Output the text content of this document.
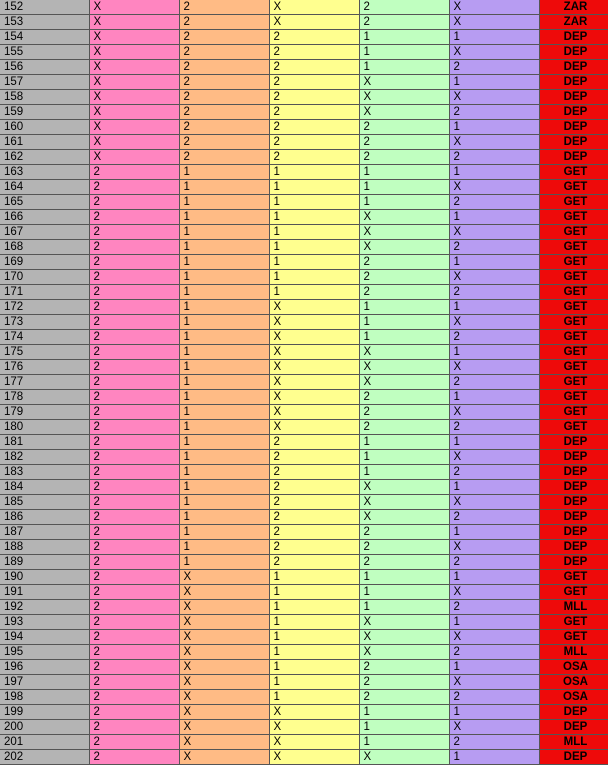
152	X	2	X	2	X	ZAR
153	X	2	X	2	X	ZAR
154	X	2	2	1	1	DEP
155	X	2	2	1	X	DEP
156	X	2	2	1	2	DEP
157	X	2	2	X	1	DEP
158	X	2	2	X	X	DEP
159	X	2	2	X	2	DEP
160	X	2	2	2	1	DEP
161	X	2	2	2	X	DEP
162	X	2	2	2	2	DEP
163	2	1	1	1	1	GET
164	2	1	1	1	X	GET
165	2	1	1	1	2	GET
166	2	1	1	X	1	GET
167	2	1	1	X	X	GET
168	2	1	1	X	2	GET
169	2	1	1	2	1	GET
170	2	1	1	2	X	GET
171	2	1	1	2	2	GET
172	2	1	X	1	1	GET
173	2	1	X	1	X	GET
174	2	1	X	1	2	GET
175	2	1	X	X	1	GET
176	2	1	X	X	X	GET
177	2	1	X	X	2	GET
178	2	1	X	2	1	GET
179	2	1	X	2	X	GET
180	2	1	X	2	2	GET
181	2	1	2	1	1	DEP
182	2	1	2	1	X	DEP
183	2	1	2	1	2	DEP
184	2	1	2	X	1	DEP
185	2	1	2	X	X	DEP
186	2	1	2	X	2	DEP
187	2	1	2	2	1	DEP
188	2	1	2	2	X	DEP
189	2	1	2	2	2	DEP
190	2	X	1	1	1	GET
191	2	X	1	1	X	GET
192	2	X	1	1	2	MLL
193	2	X	1	X	1	GET
194	2	X	1	X	X	GET
195	2	X	1	X	2	MLL
196	2	X	1	2	1	OSA
197	2	X	1	2	X	OSA
198	2	X	1	2	2	OSA
199	2	X	X	1	1	DEP
200	2	X	X	1	X	DEP
201	2	X	X	1	2	MLL
202	2	X	X	X	1	DEP
